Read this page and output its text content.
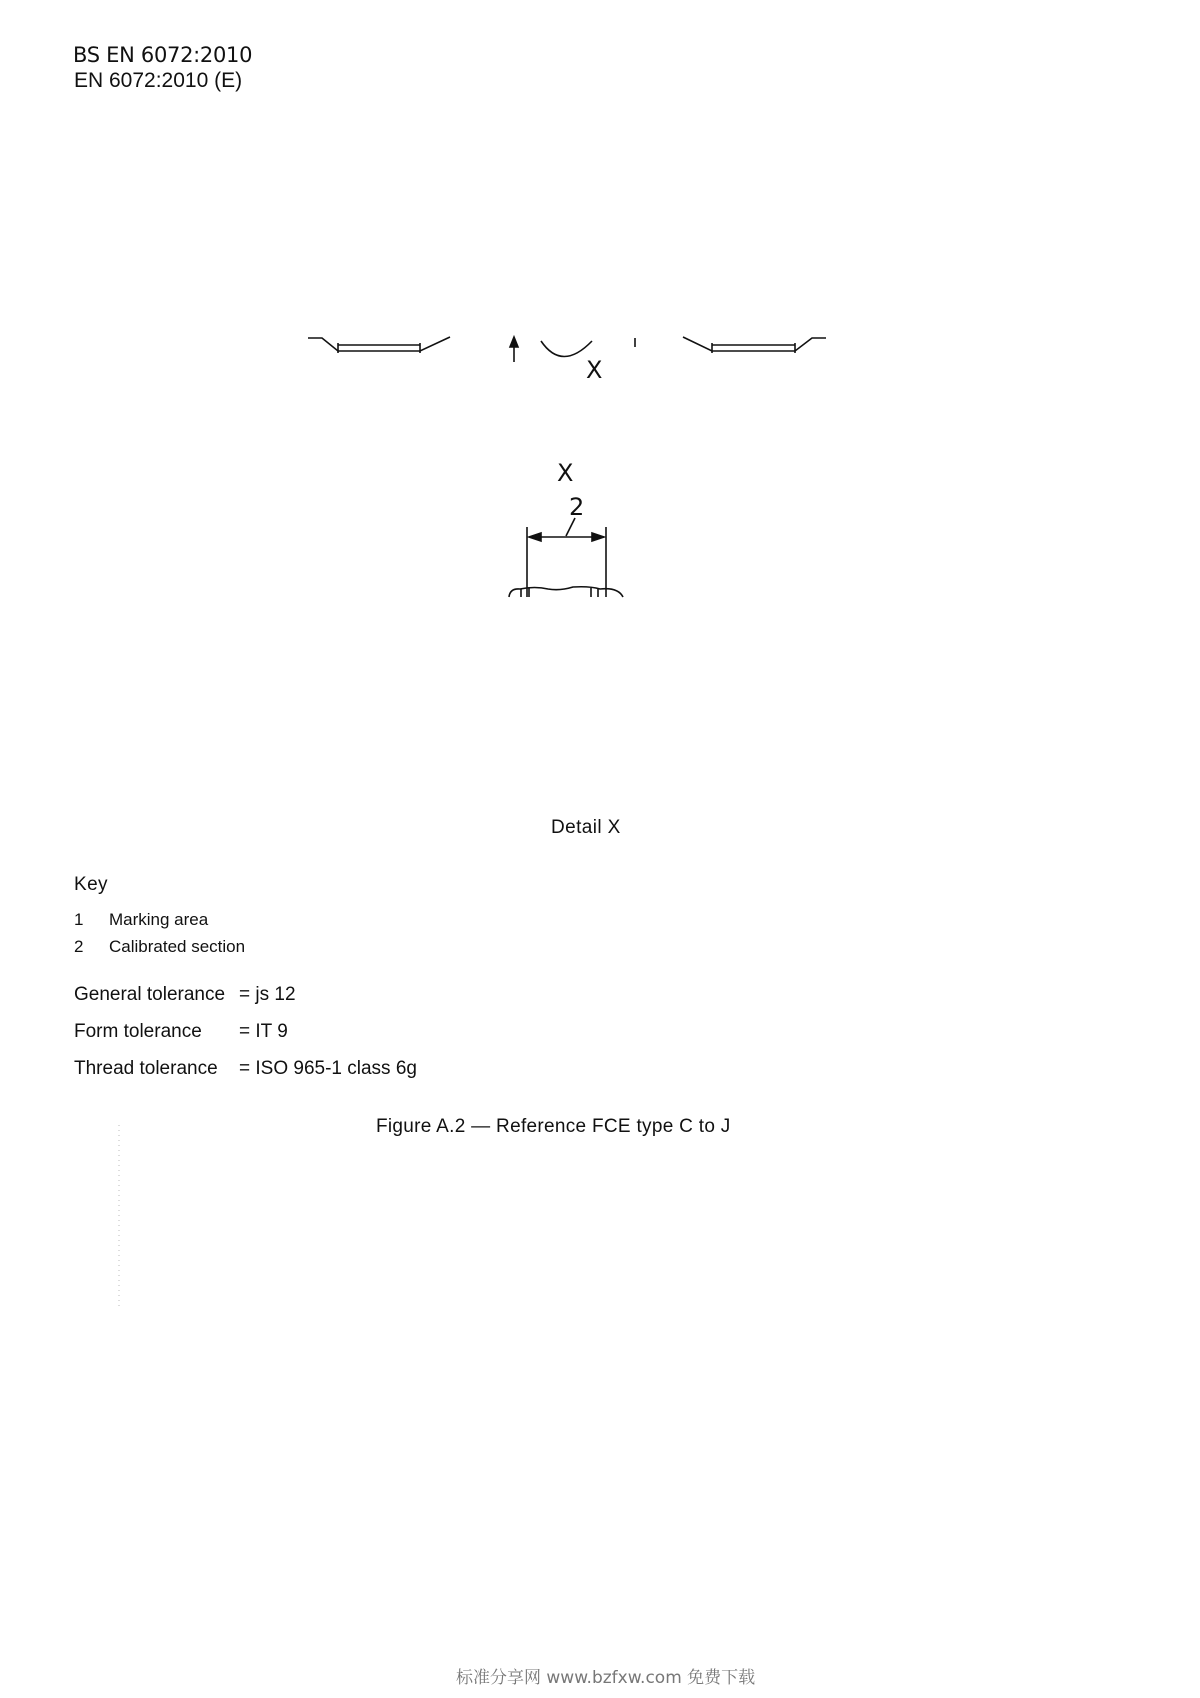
BS EN 6072:2010
EN 6072:2010 (E)
X
X
2
Detail X
Key
1 Marking area
2 Calibrated section
General tolerance = js 12
Form tolerance = IT 9
Thread tolerance = ISO 965-1 class 6g
Figure A.2 — Reference FCE type C to J
标准分享网 www.bzfxw.com 免费下载
